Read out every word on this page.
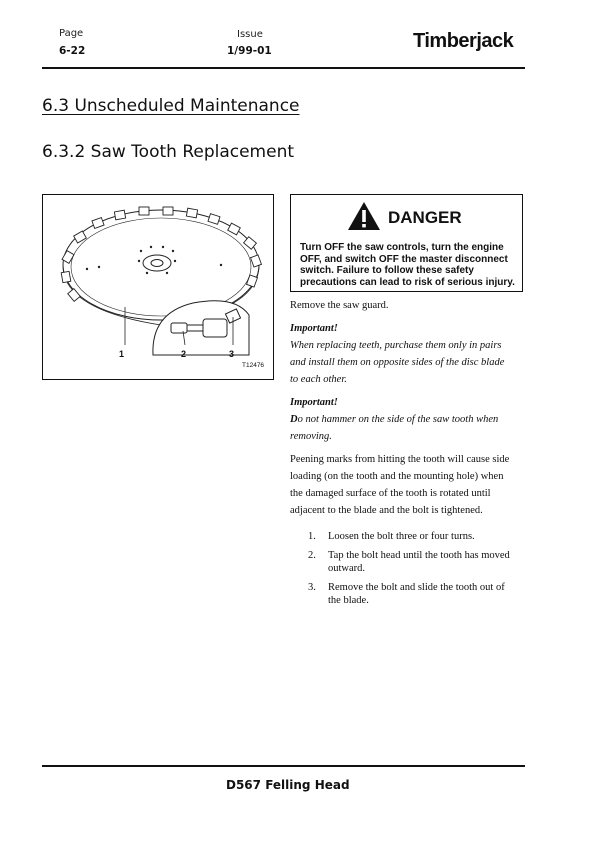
Page
6-22
Issue
1/99-01	Timberjack
6.3 Unscheduled Maintenance
6.3.2 Saw Tooth Replacement
1	2	3
T12476
DANGER
Turn OFF the saw controls, turn the engine
OFF, and switch OFF the master disconnect
switch. Failure to follow these safety
precautions can lead to risk of serious injury.
Remove the saw guard.
Important!
When replacing teeth, purchase them only in pairs
and install them on opposite sides of the disc blade
to each other.
Important!
Do not hammer on the side of the saw tooth when
removing.
Peening marks from hitting the tooth will cause side
loading (on the tooth and the mounting hole) when
the damaged surface of the tooth is rotated until
adjacent to the blade and the bolt is tightened.
1.	Loosen the bolt three or four turns.
2.	Tap the bolt head until the tooth has moved
outward.
3.	Remove the bolt and slide the tooth out of
the blade.
D567 Felling Head
